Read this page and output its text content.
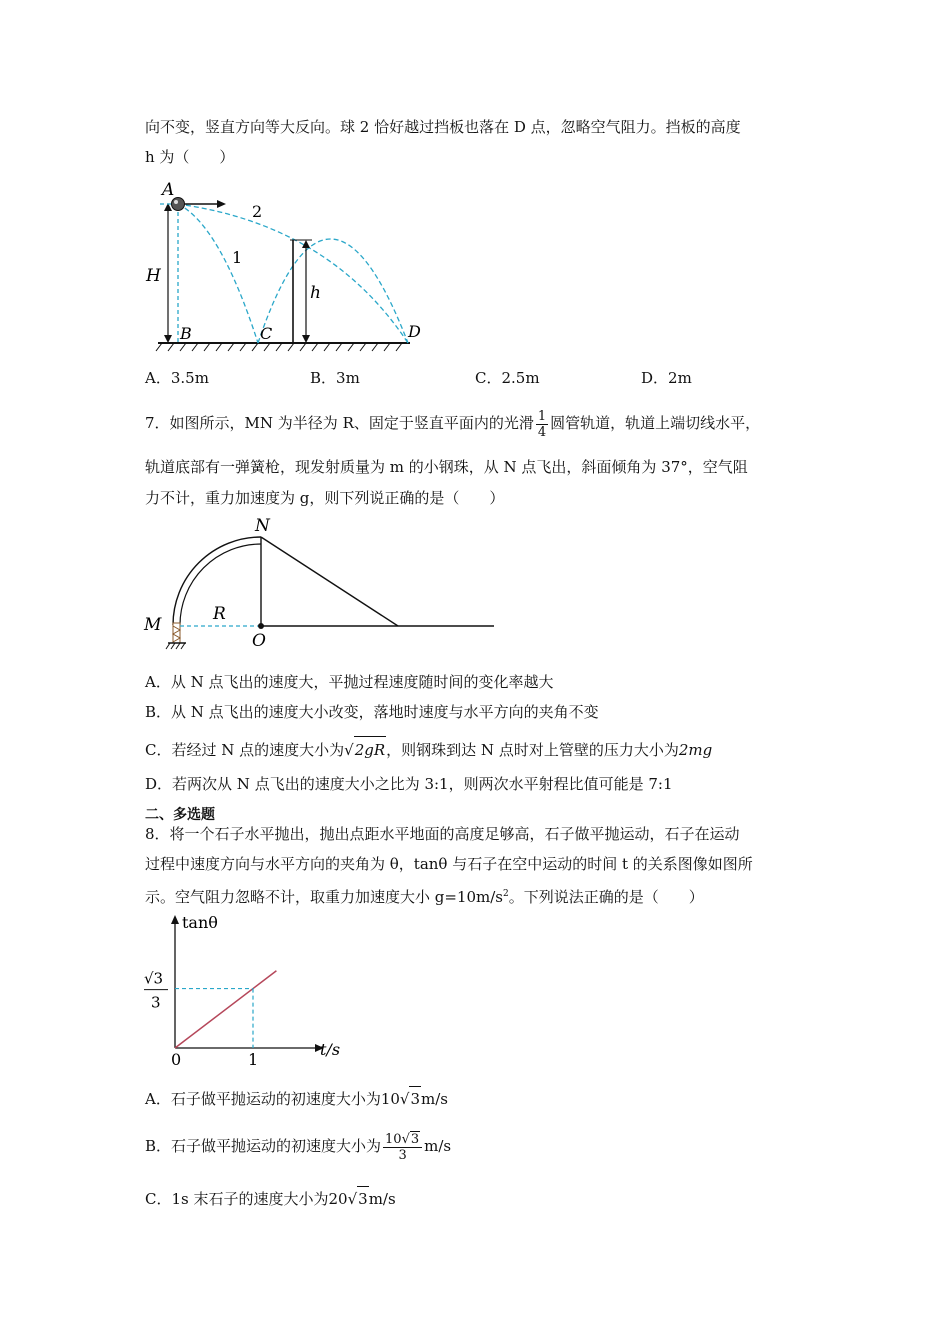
向不变，竖直方向等大反向。球 2 恰好越过挡板也落在 D 点，忽略空气阻力。挡板的高度
h 为（　　）
A
H
B	C	D
h
1
2
A．3.5m	B．3m	C．2.5m	D．2m
7．如图所示，MN 为半径为 R、固定于竖直平面内的光滑 $\frac{1}{4}$ 圆管轨道，轨道上端切线水平，
轨道底部有一弹簧枪，现发射质量为 m 的小钢珠，从 N 点飞出，斜面倾角为 37°，空气阻
力不计，重力加速度为 g，则下列说正确的是（　　）
N
M
O
R
A．从 N 点飞出的速度大，平抛过程速度随时间的变化率越大
B．从 N 点飞出的速度大小改变，落地时速度与水平方向的夹角不变
C．若经过 N 点的速度大小为√2gR，则钢珠到达 N 点时对上管壁的压力大小为2mg
D．若两次从 N 点飞出的速度大小之比为 3:1，则两次水平射程比值可能是 7:1
二、多选题
8．将一个石子水平抛出，抛出点距水平地面的高度足够高，石子做平抛运动，石子在运动
过程中速度方向与水平方向的夹角为 θ，tanθ 与石子在空中运动的时间 t 的关系图像如图所
示。空气阻力忽略不计，取重力加速度大小 $g=10m/s^2$。下列说法正确的是（　　）
0	1
t/s
tanθ
√3
3
A．石子做平抛运动的初速度大小为10√3m/s
B．石子做平抛运动的初速度大小为 $\frac{10√3}{3} m/s$
C．1s 末石子的速度大小为20√3m/s
